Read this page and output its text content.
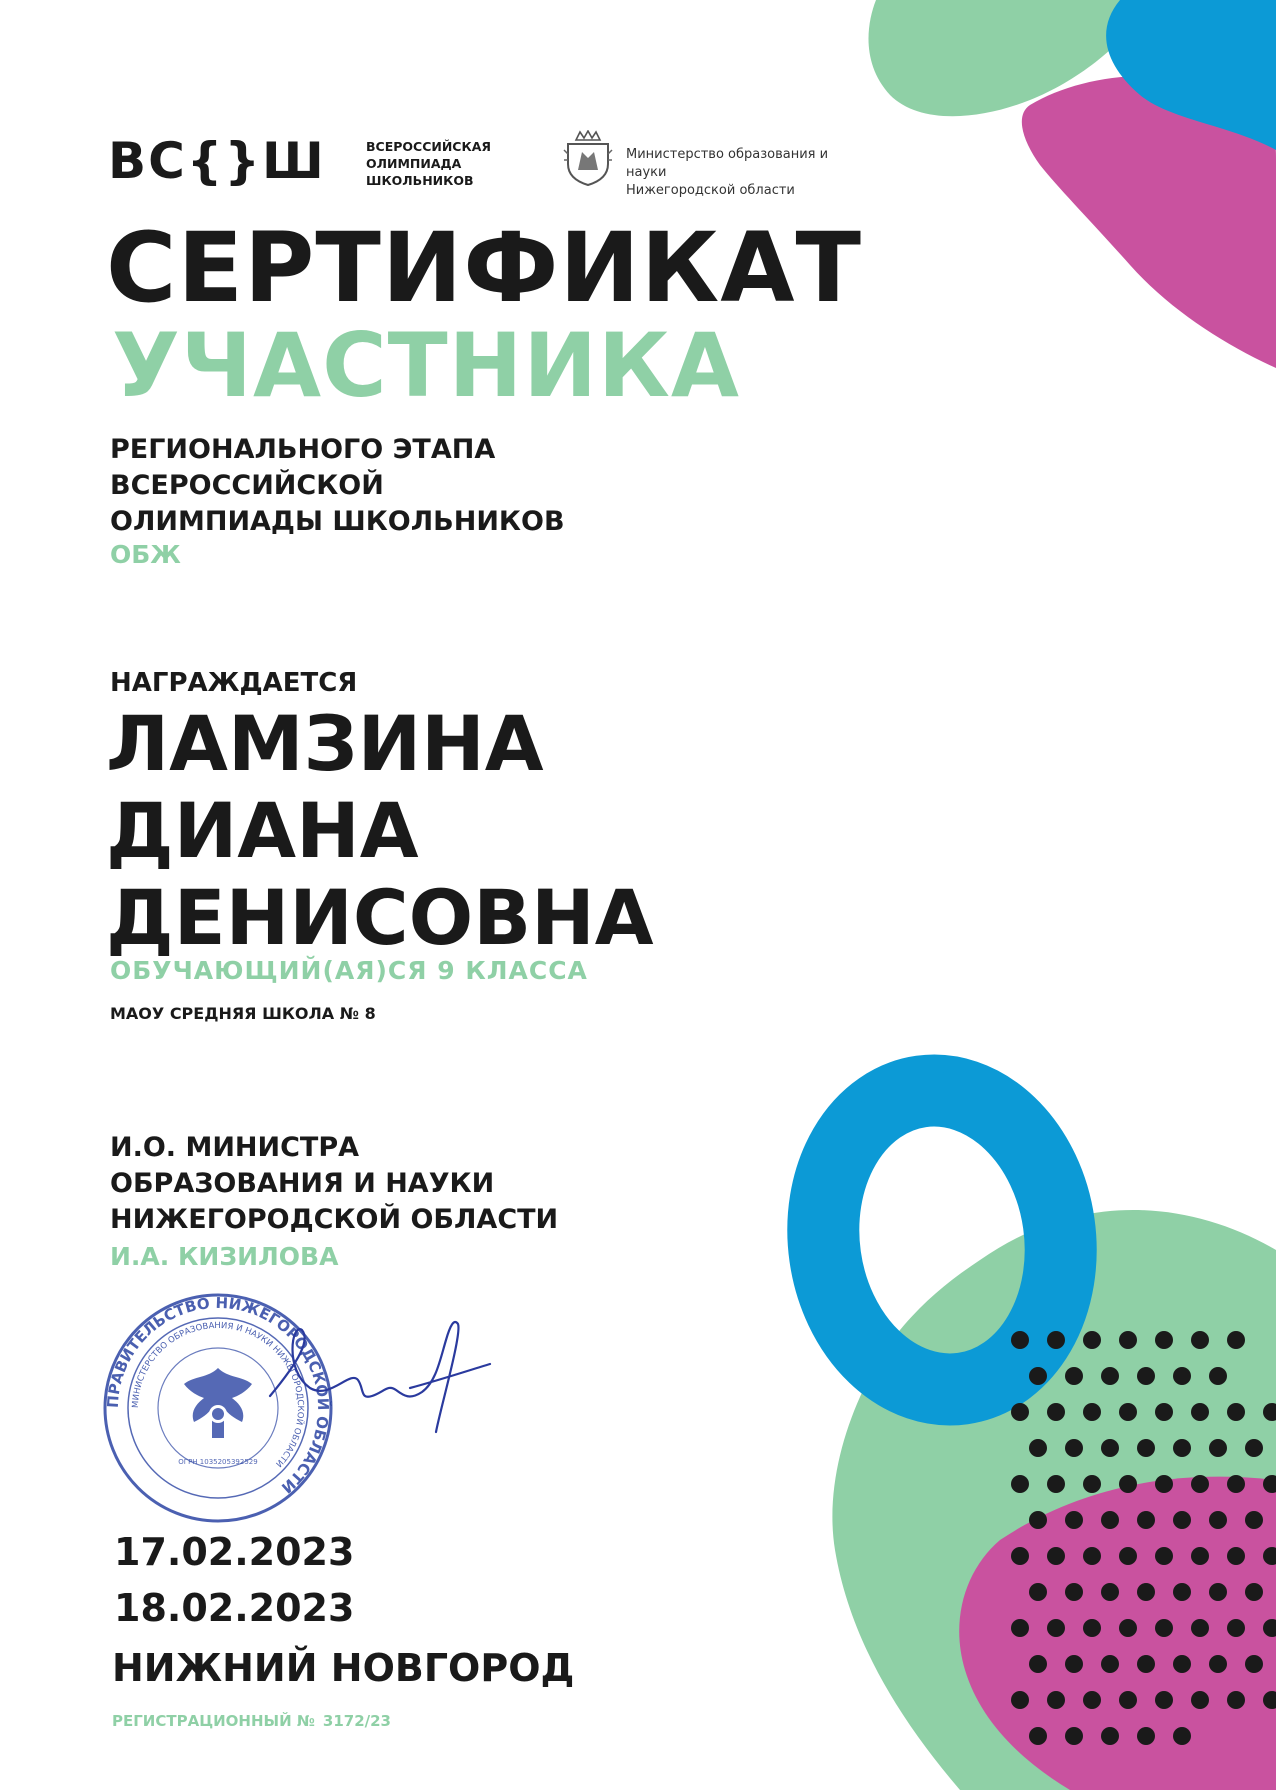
ВС{}Ш	ВСЕРОССИЙСКАЯ
ОЛИМПИАДА
ШКОЛЬНИКОВ
Министерство образования и науки
Нижегородской области
СЕРТИФИКАТ
УЧАСТНИКА
РЕГИОНАЛЬНОГО ЭТАПА
ВСЕРОССИЙСКОЙ
ОЛИМПИАДЫ ШКОЛЬНИКОВ
ОБЖ
НАГРАЖДАЕТСЯ
ЛАМЗИНА
ДИАНА
ДЕНИСОВНА
ОБУЧАЮЩИЙ(АЯ)СЯ 9 КЛАССА
МАОУ СРЕДНЯЯ ШКОЛА № 8
И.О. МИНИСТРА
ОБРАЗОВАНИЯ И НАУКИ
НИЖЕГОРОДСКОЙ ОБЛАСТИ
И.А. КИЗИЛОВА
ПРАВИТЕЛЬСТВО НИЖЕГОРОДСКОЙ ОБЛАСТИ
МИНИСТЕРСТВО ОБРАЗОВАНИЯ И НАУКИ НИЖЕГОРОДСКОЙ ОБЛАСТИ
ОГРН 1035205392529
17.02.2023
18.02.2023
НИЖНИЙ НОВГОРОД
РЕГИСТРАЦИОННЫЙ № 3172/23
